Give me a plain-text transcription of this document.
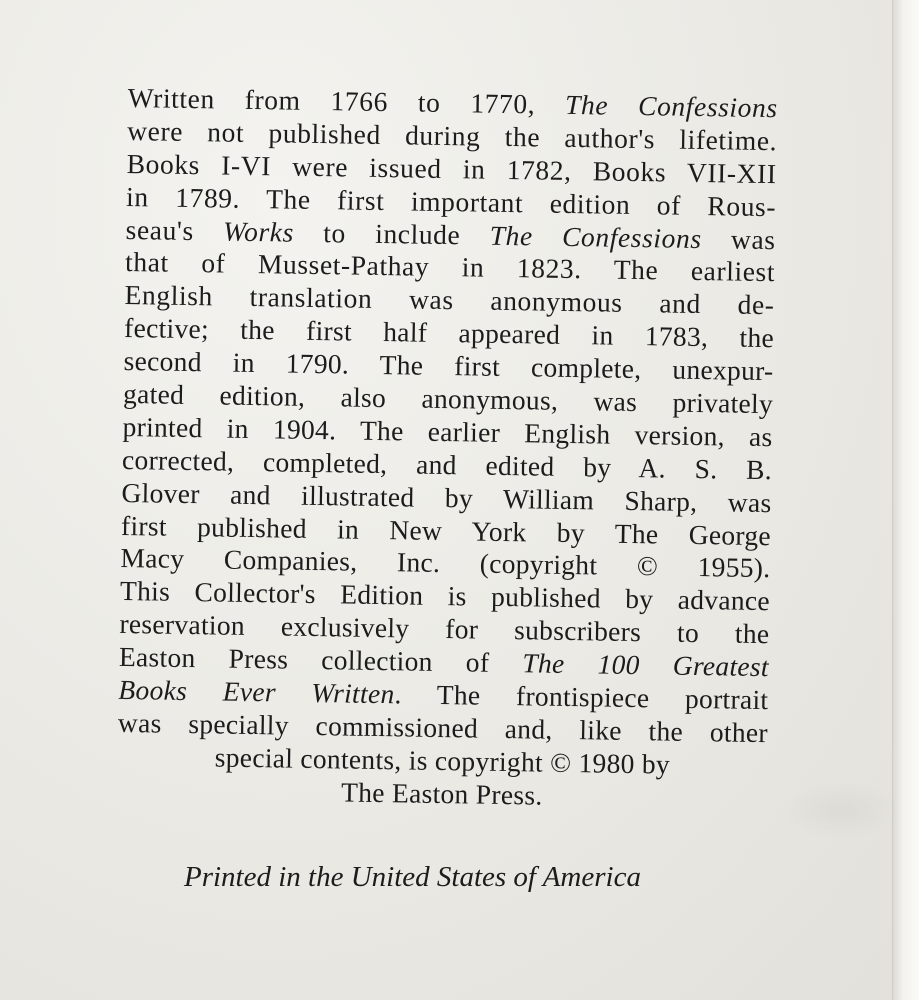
Written from 1766 to 1770, The Confessions
were not published during the author's lifetime.
Books I-VI were issued in 1782, Books VII-XII
in 1789. The first important edition of Rous-
seau's Works to include The Confessions was
that of Musset-Pathay in 1823. The earliest
English translation was anonymous and de-
fective; the first half appeared in 1783, the
second in 1790. The first complete, unexpur-
gated edition, also anonymous, was privately
printed in 1904. The earlier English version, as
corrected, completed, and edited by A. S. B.
Glover and illustrated by William Sharp, was
first published in New York by The George
Macy Companies, Inc. (copyright © 1955).
This Collector's Edition is published by advance
reservation exclusively for subscribers to the
Easton Press collection of The 100 Greatest
Books Ever Written. The frontispiece portrait
was specially commissioned and, like the other
special contents, is copyright © 1980 by
The Easton Press.
Printed in the United States of America
